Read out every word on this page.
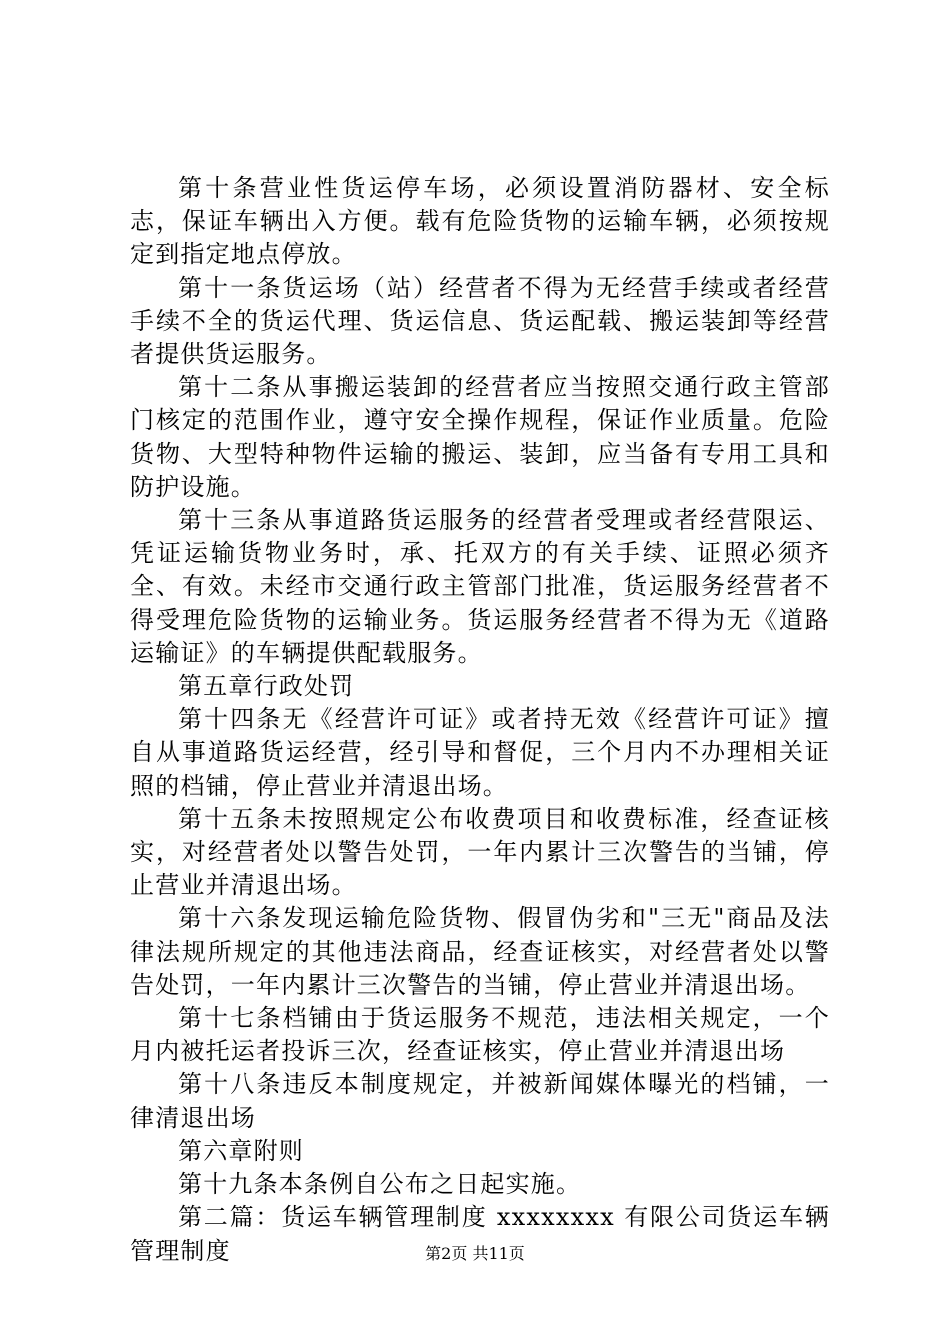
第十条营业性货运停车场，必须设置消防器材、安全标志，保证车辆出入方便。载有危险货物的运输车辆，必须按规定到指定地点停放。

第十一条货运场（站）经营者不得为无经营手续或者经营手续不全的货运代理、货运信息、货运配载、搬运装卸等经营者提供货运服务。

第十二条从事搬运装卸的经营者应当按照交通行政主管部门核定的范围作业，遵守安全操作规程，保证作业质量。危险货物、大型特种物件运输的搬运、装卸，应当备有专用工具和防护设施。

第十三条从事道路货运服务的经营者受理或者经营限运、凭证运输货物业务时，承、托双方的有关手续、证照必须齐全、有效。未经市交通行政主管部门批准，货运服务经营者不得受理危险货物的运输业务。货运服务经营者不得为无《道路运输证》的车辆提供配载服务。

第五章行政处罚

第十四条无《经营许可证》或者持无效《经营许可证》擅自从事道路货运经营，经引导和督促，三个月内不办理相关证照的档铺，停止营业并清退出场。

第十五条未按照规定公布收费项目和收费标准，经查证核实，对经营者处以警告处罚，一年内累计三次警告的当铺，停止营业并清退出场。

第十六条发现运输危险货物、假冒伪劣和"三无"商品及法律法规所规定的其他违法商品，经查证核实，对经营者处以警告处罚，一年内累计三次警告的当铺，停止营业并清退出场。

第十七条档铺由于货运服务不规范，违法相关规定，一个月内被托运者投诉三次，经查证核实，停止营业并清退出场

第十八条违反本制度规定，并被新闻媒体曝光的档铺，一律清退出场

第六章附则

第十九条本条例自公布之日起实施。

第二篇：货运车辆管理制度 xxxxxxxx 有限公司货运车辆管理制度	第2页 共11页
